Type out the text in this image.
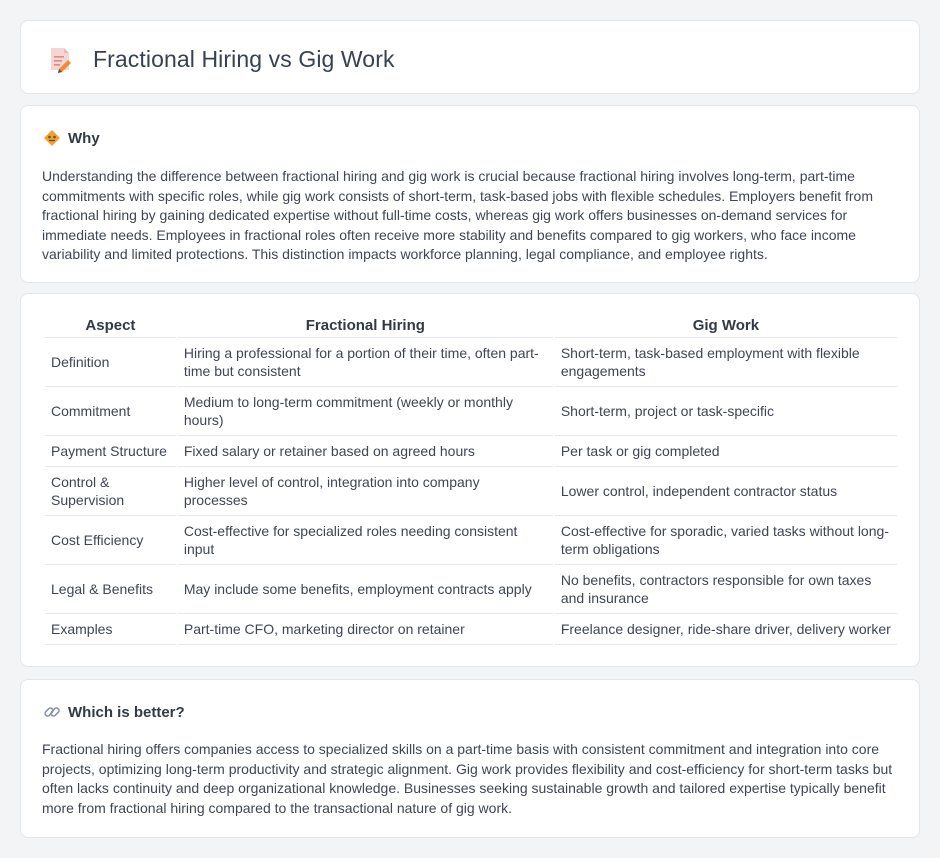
Fractional Hiring vs Gig Work
Why

Understanding the difference between fractional hiring and gig work is crucial because fractional hiring involves long-term, part-time commitments with specific roles, while gig work consists of short-term, task-based jobs with flexible schedules. Employers benefit from fractional hiring by gaining dedicated expertise without full-time costs, whereas gig work offers businesses on-demand services for immediate needs. Employees in fractional roles often receive more stability and benefits compared to gig workers, who face income variability and limited protections. This distinction impacts workforce planning, legal compliance, and employee rights.

Aspect	Fractional Hiring	Gig Work
Definition	Hiring a professional for a portion of their time, often part-time but consistent	Short-term, task-based employment with flexible engagements
Commitment	Medium to long-term commitment (weekly or monthly hours)	Short-term, project or task-specific
Payment Structure	Fixed salary or retainer based on agreed hours	Per task or gig completed
Control & Supervision	Higher level of control, integration into company processes	Lower control, independent contractor status
Cost Efficiency	Cost-effective for specialized roles needing consistent input	Cost-effective for sporadic, varied tasks without long-term obligations
Legal & Benefits	May include some benefits, employment contracts apply	No benefits, contractors responsible for own taxes and insurance
Examples	Part-time CFO, marketing director on retainer	Freelance designer, ride-share driver, delivery worker
Which is better?

Fractional hiring offers companies access to specialized skills on a part-time basis with consistent commitment and integration into core projects, optimizing long-term productivity and strategic alignment. Gig work provides flexibility and cost-efficiency for short-term tasks but often lacks continuity and deep organizational knowledge. Businesses seeking sustainable growth and tailored expertise typically benefit more from fractional hiring compared to the transactional nature of gig work.
